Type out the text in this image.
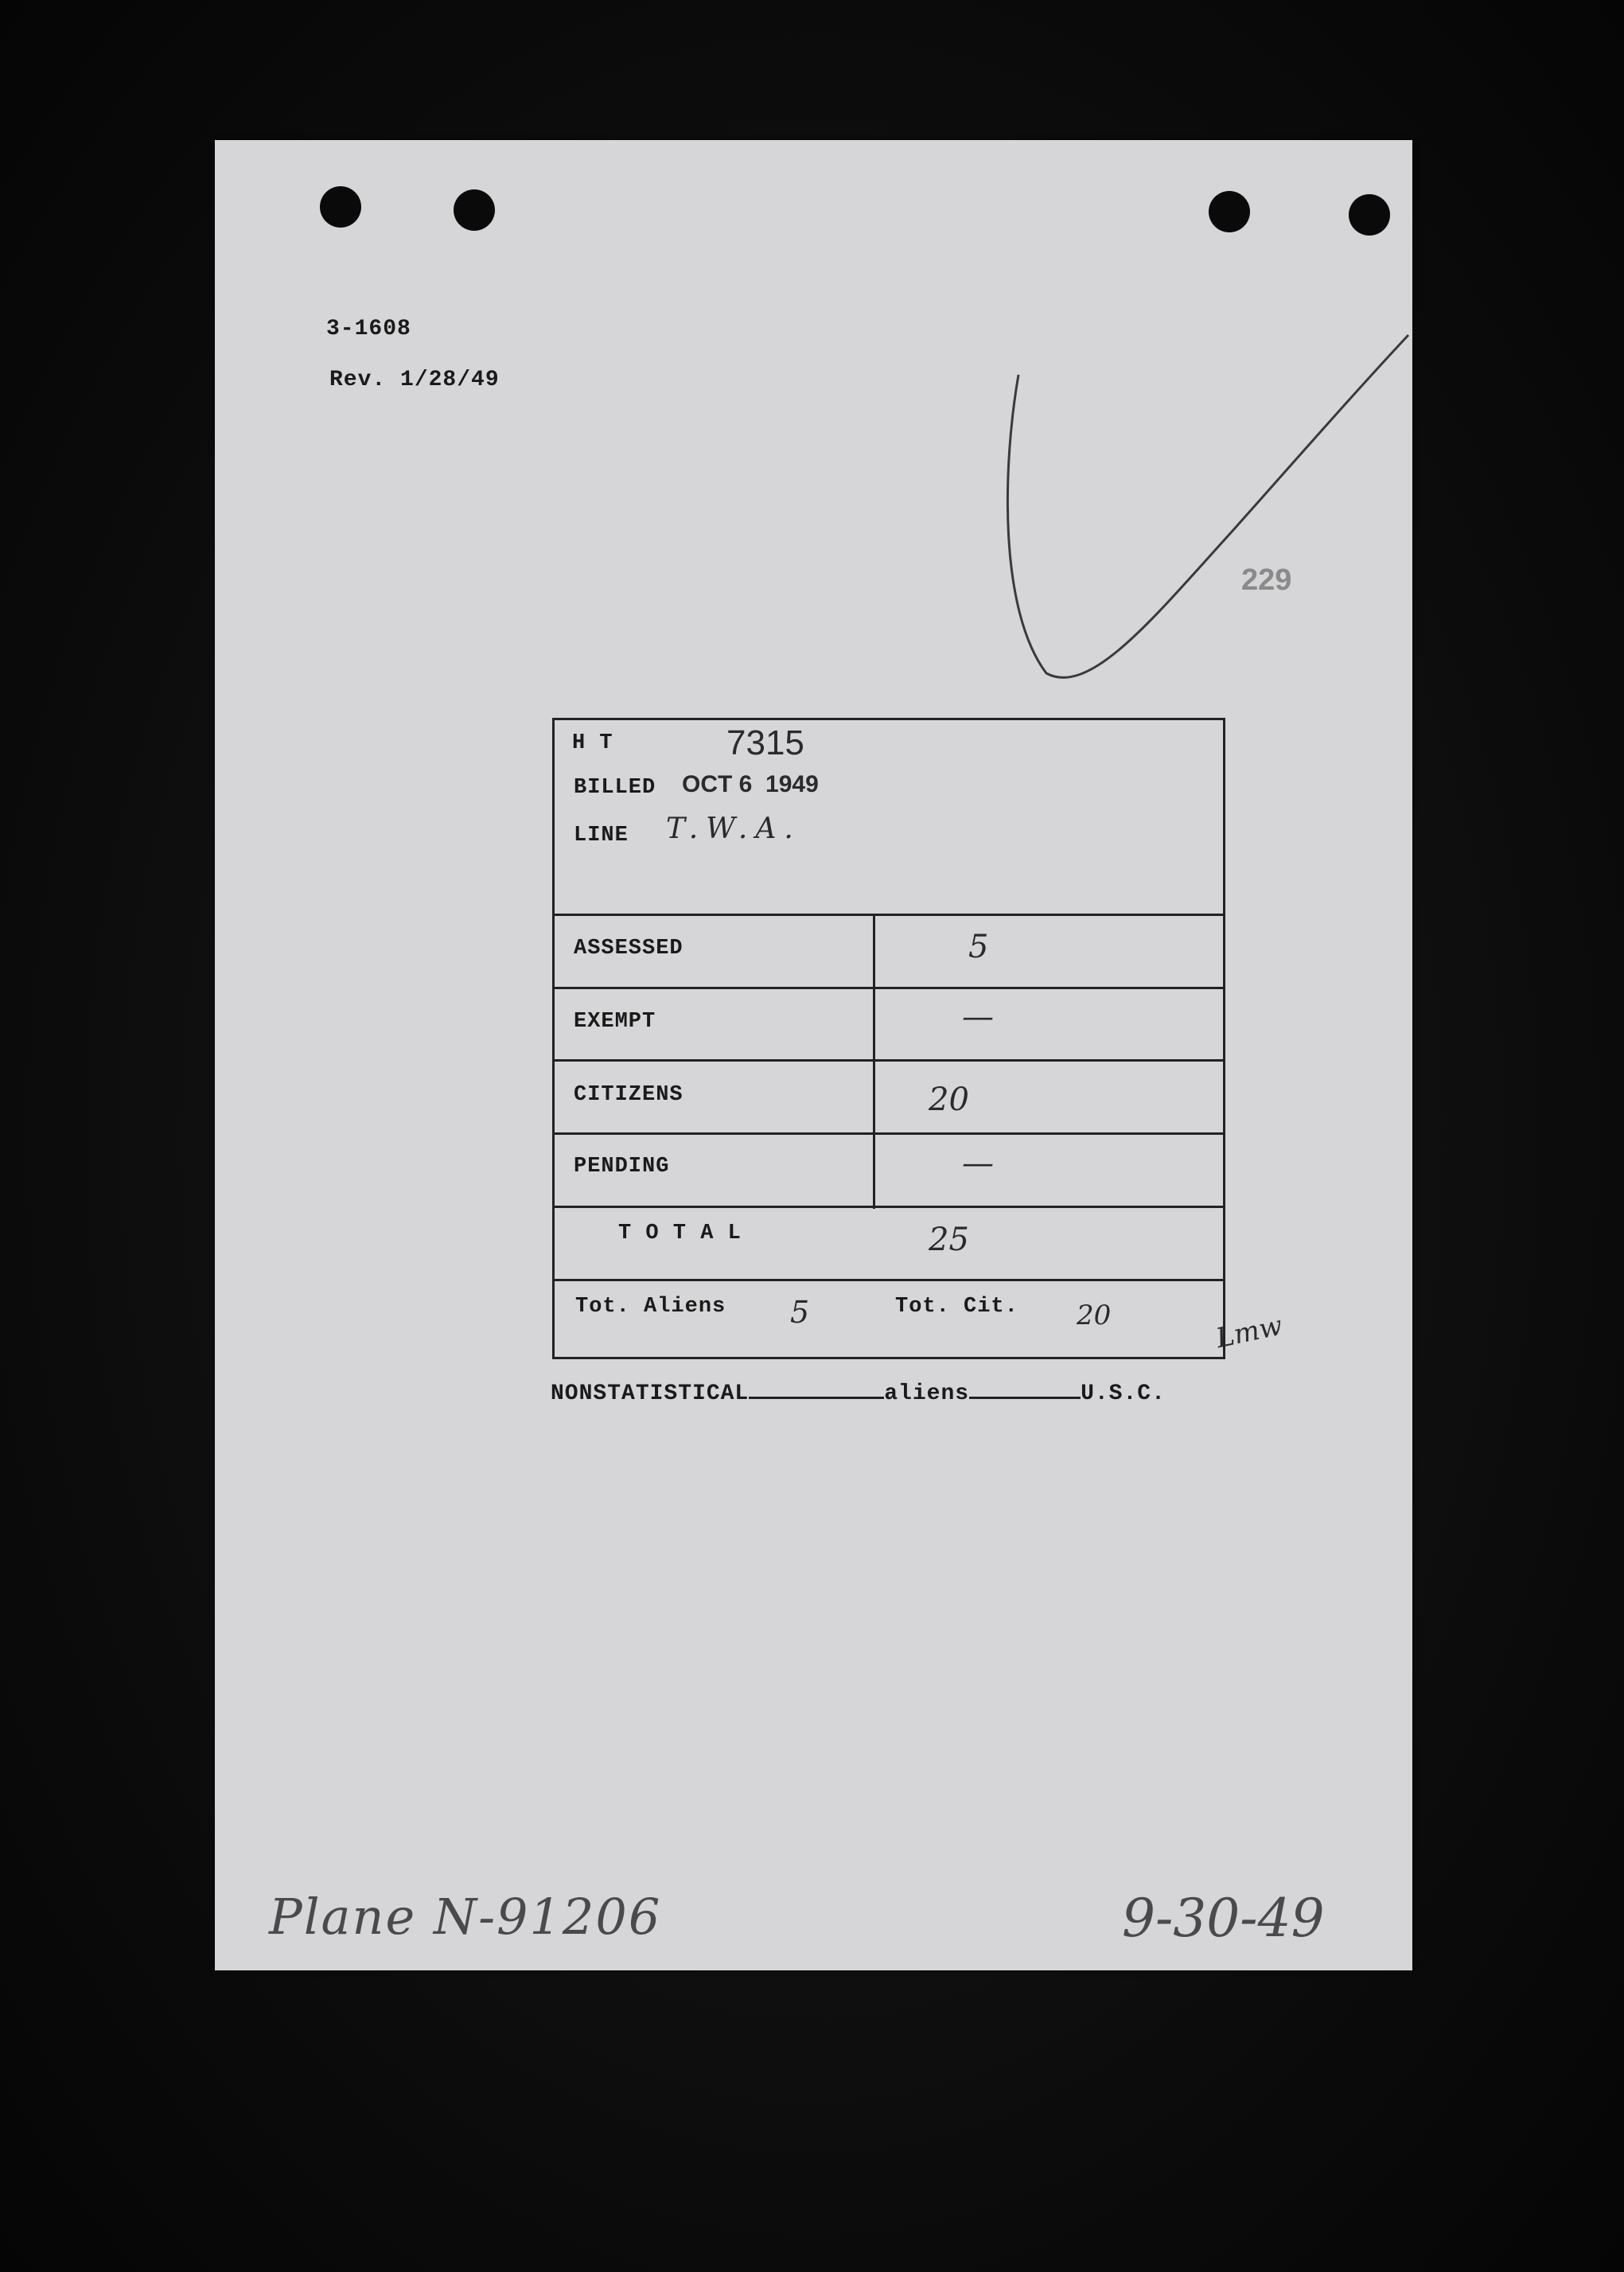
3-1608
Rev. 1/28/49
229
H T	7315
BILLED OCT 6  1949
LINE T.W.A.
ASSESSED	5
EXEMPT	—
CITIZENS	20
PENDING	—
T O T A L	25
Tot. Aliens 5	Tot. Cit. 20	Lmw
NONSTATISTICAL	aliens	U.S.C.
Plane N-91206	9-30-49
